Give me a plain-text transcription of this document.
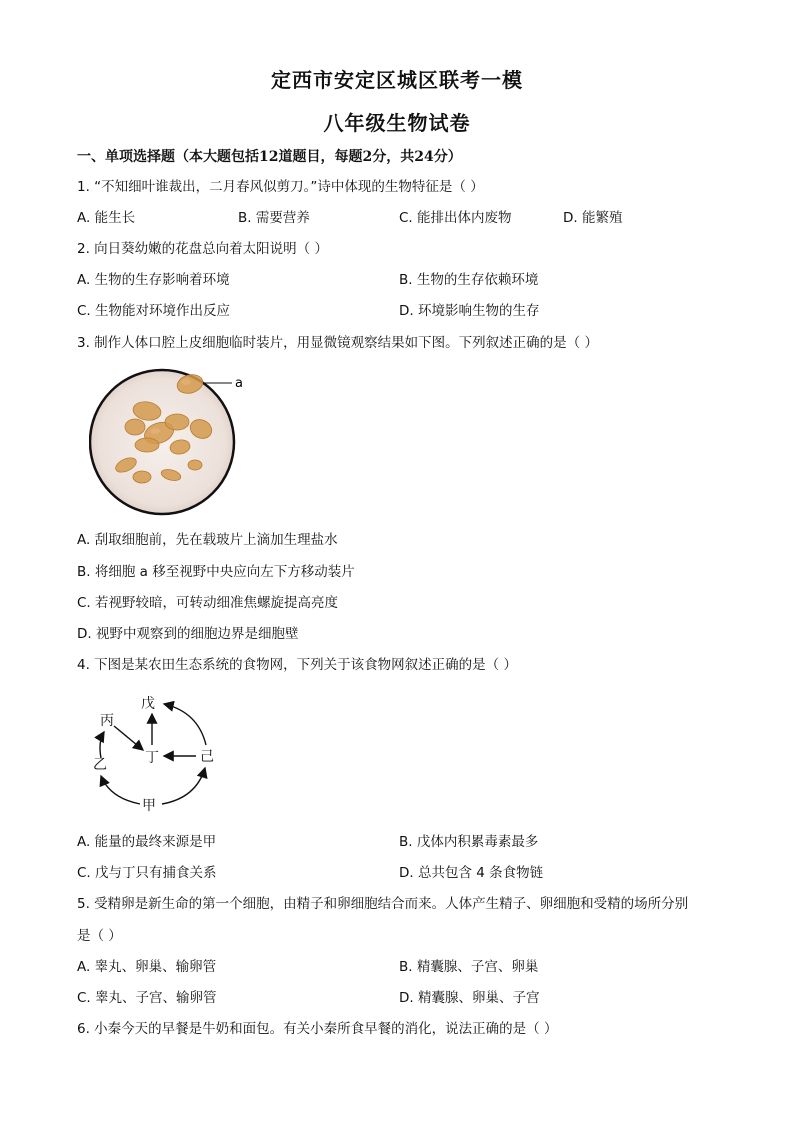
定西市安定区城区联考一模
八年级生物试卷
一、单项选择题（本大题包括12道题目，每题2分，共24分）
1. “不知细叶谁裁出，二月春风似剪刀。”诗中体现的生物特征是（ ）
A. 能生长	B. 需要营养	C. 能排出体内废物	D. 能繁殖
2. 向日葵幼嫩的花盘总向着太阳说明（ ）
A. 生物的生存影响着环境	B. 生物的生存依赖环境
C. 生物能对环境作出反应	D. 环境影响生物的生存
3. 制作人体口腔上皮细胞临时装片，用显微镜观察结果如下图。下列叙述正确的是（ ）
a
A. 刮取细胞前，先在载玻片上滴加生理盐水
B. 将细胞 a 移至视野中央应向左下方移动装片
C. 若视野较暗，可转动细准焦螺旋提高亮度
D. 视野中观察到的细胞边界是细胞壁
4. 下图是某农田生态系统的食物网，下列关于该食物网叙述正确的是（ ）
戊
丙
丁	己
乙
甲
A. 能量的最终来源是甲	B. 戊体内积累毒素最多
C. 戊与丁只有捕食关系	D. 总共包含 4 条食物链
5. 受精卵是新生命的第一个细胞，由精子和卵细胞结合而来。人体产生精子、卵细胞和受精的场所分别
是（ ）
A. 睾丸、卵巢、输卵管	B. 精囊腺、子宫、卵巢
C. 睾丸、子宫、输卵管	D. 精囊腺、卵巢、子宫
6. 小秦今天的早餐是牛奶和面包。有关小秦所食早餐的消化，说法正确的是（ ）
